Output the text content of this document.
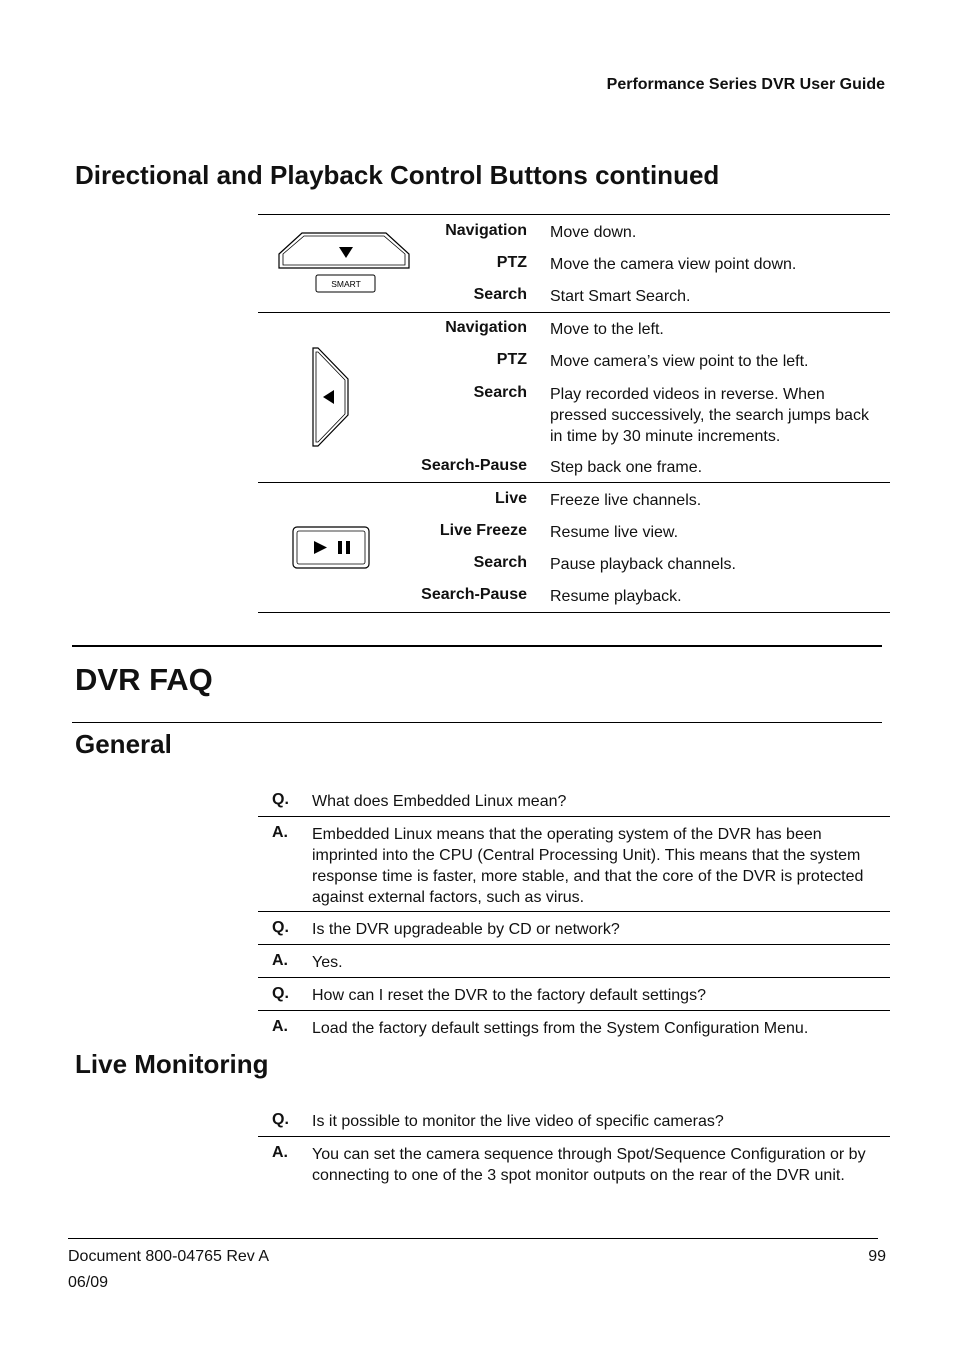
Performance Series DVR User Guide
Directional and Playback Control Buttons continued
SMART
Navigation Move down.
PTZ Move the camera view point down.
Search Start Smart Search.
Navigation Move to the left.
PTZ Move camera’s view point to the left.
Search Play recorded videos in reverse. When pressed successively, the search jumps back in time by 30 minute increments.
Search-Pause Step back one frame.
Live Freeze live channels.
Live Freeze Resume live view.
Search Pause playback channels.
Search-Pause Resume playback.
DVR FAQ
General
Q. What does Embedded Linux mean?
A. Embedded Linux means that the operating system of the DVR has been imprinted into the CPU (Central Processing Unit). This means that the system response time is faster, more stable, and that the core of the DVR is protected against external factors, such as virus.
Q. Is the DVR upgradeable by CD or network?
A. Yes.
Q. How can I reset the DVR to the factory default settings?
A. Load the factory default settings from the System Configuration Menu.
Live Monitoring
Q. Is it possible to monitor the live video of specific cameras?
A. You can set the camera sequence through Spot/Sequence Configuration or by connecting to one of the 3 spot monitor outputs on the rear of the DVR unit.
Document 800-04765 Rev A
06/09
99
